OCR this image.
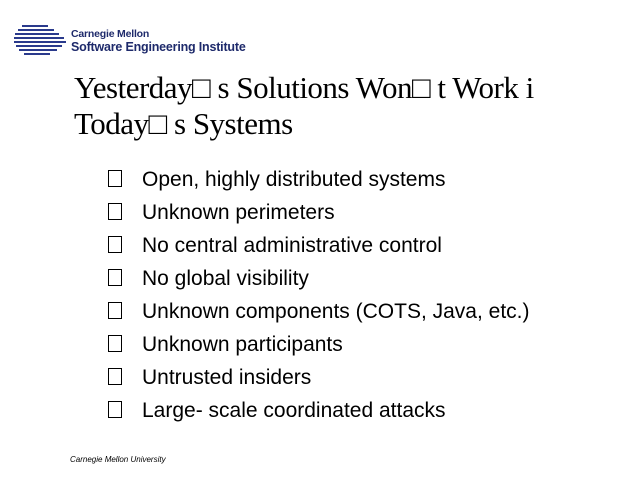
Carnegie Mellon
Software Engineering Institute
Yesterday□ s Solutions Won□ t Work i
Today□ s Systems
Open, highly distributed systems
Unknown perimeters
No central administrative control
No global visibility
Unknown components (COTS, Java, etc.)
Unknown participants
Untrusted insiders
Large- scale coordinated attacks
Carnegie Mellon University
